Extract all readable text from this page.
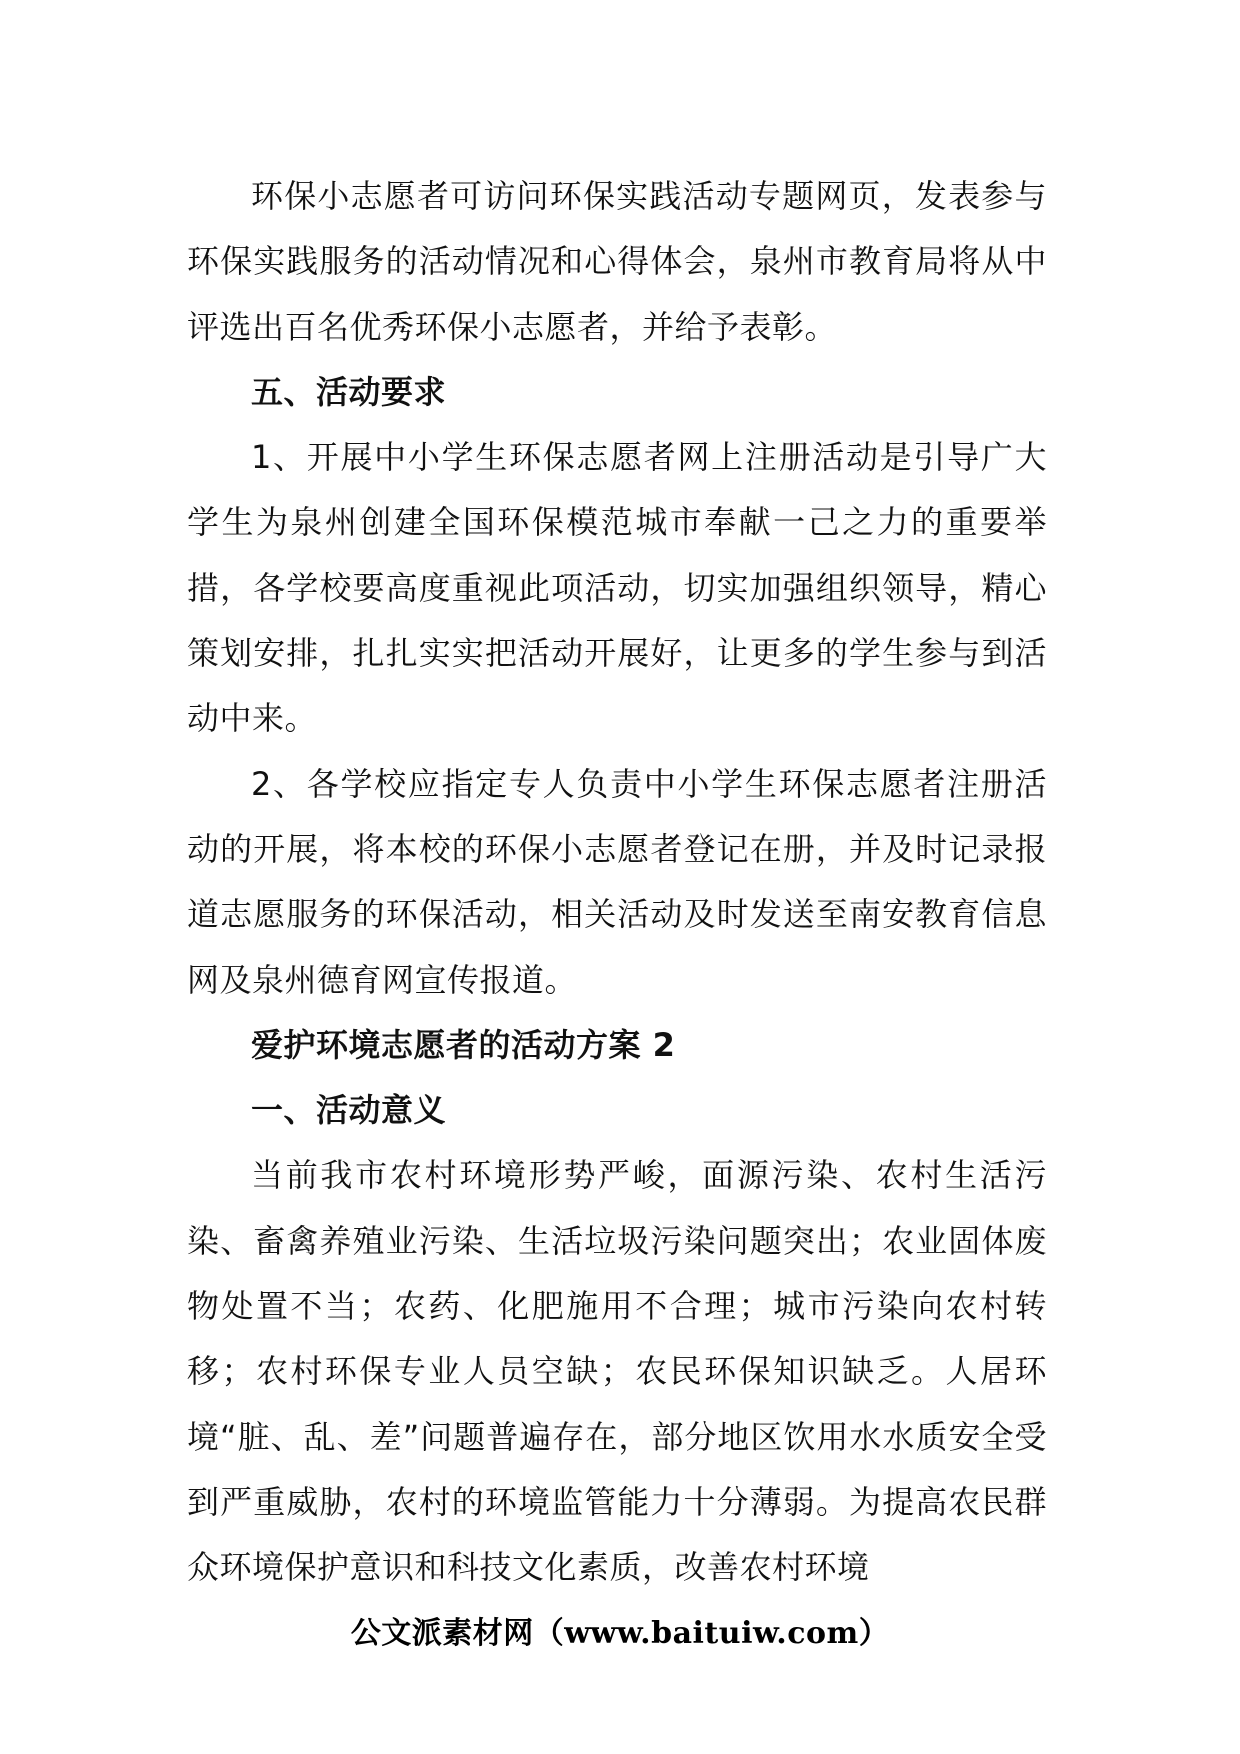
环保小志愿者可访问环保实践活动专题网页，发表参与环保实践服务的活动情况和心得体会，泉州市教育局将从中评选出百名优秀环保小志愿者，并给予表彰。

五、活动要求

1、开展中小学生环保志愿者网上注册活动是引导广大学生为泉州创建全国环保模范城市奉献一己之力的重要举措，各学校要高度重视此项活动，切实加强组织领导，精心策划安排，扎扎实实把活动开展好，让更多的学生参与到活动中来。

2、各学校应指定专人负责中小学生环保志愿者注册活动的开展，将本校的环保小志愿者登记在册，并及时记录报道志愿服务的环保活动，相关活动及时发送至南安教育信息网及泉州德育网宣传报道。

爱护环境志愿者的活动方案 2

一、活动意义

当前我市农村环境形势严峻，面源污染、农村生活污染、畜禽养殖业污染、生活垃圾污染问题突出；农业固体废物处置不当；农药、化肥施用不合理；城市污染向农村转移；农村环保专业人员空缺；农民环保知识缺乏。人居环境“脏、乱、差”问题普遍存在，部分地区饮用水水质安全受到严重威胁，农村的环境监管能力十分薄弱。为提高农民群众环境保护意识和科技文化素质，改善农村环境

公文派素材网（www.baituiw.com）
